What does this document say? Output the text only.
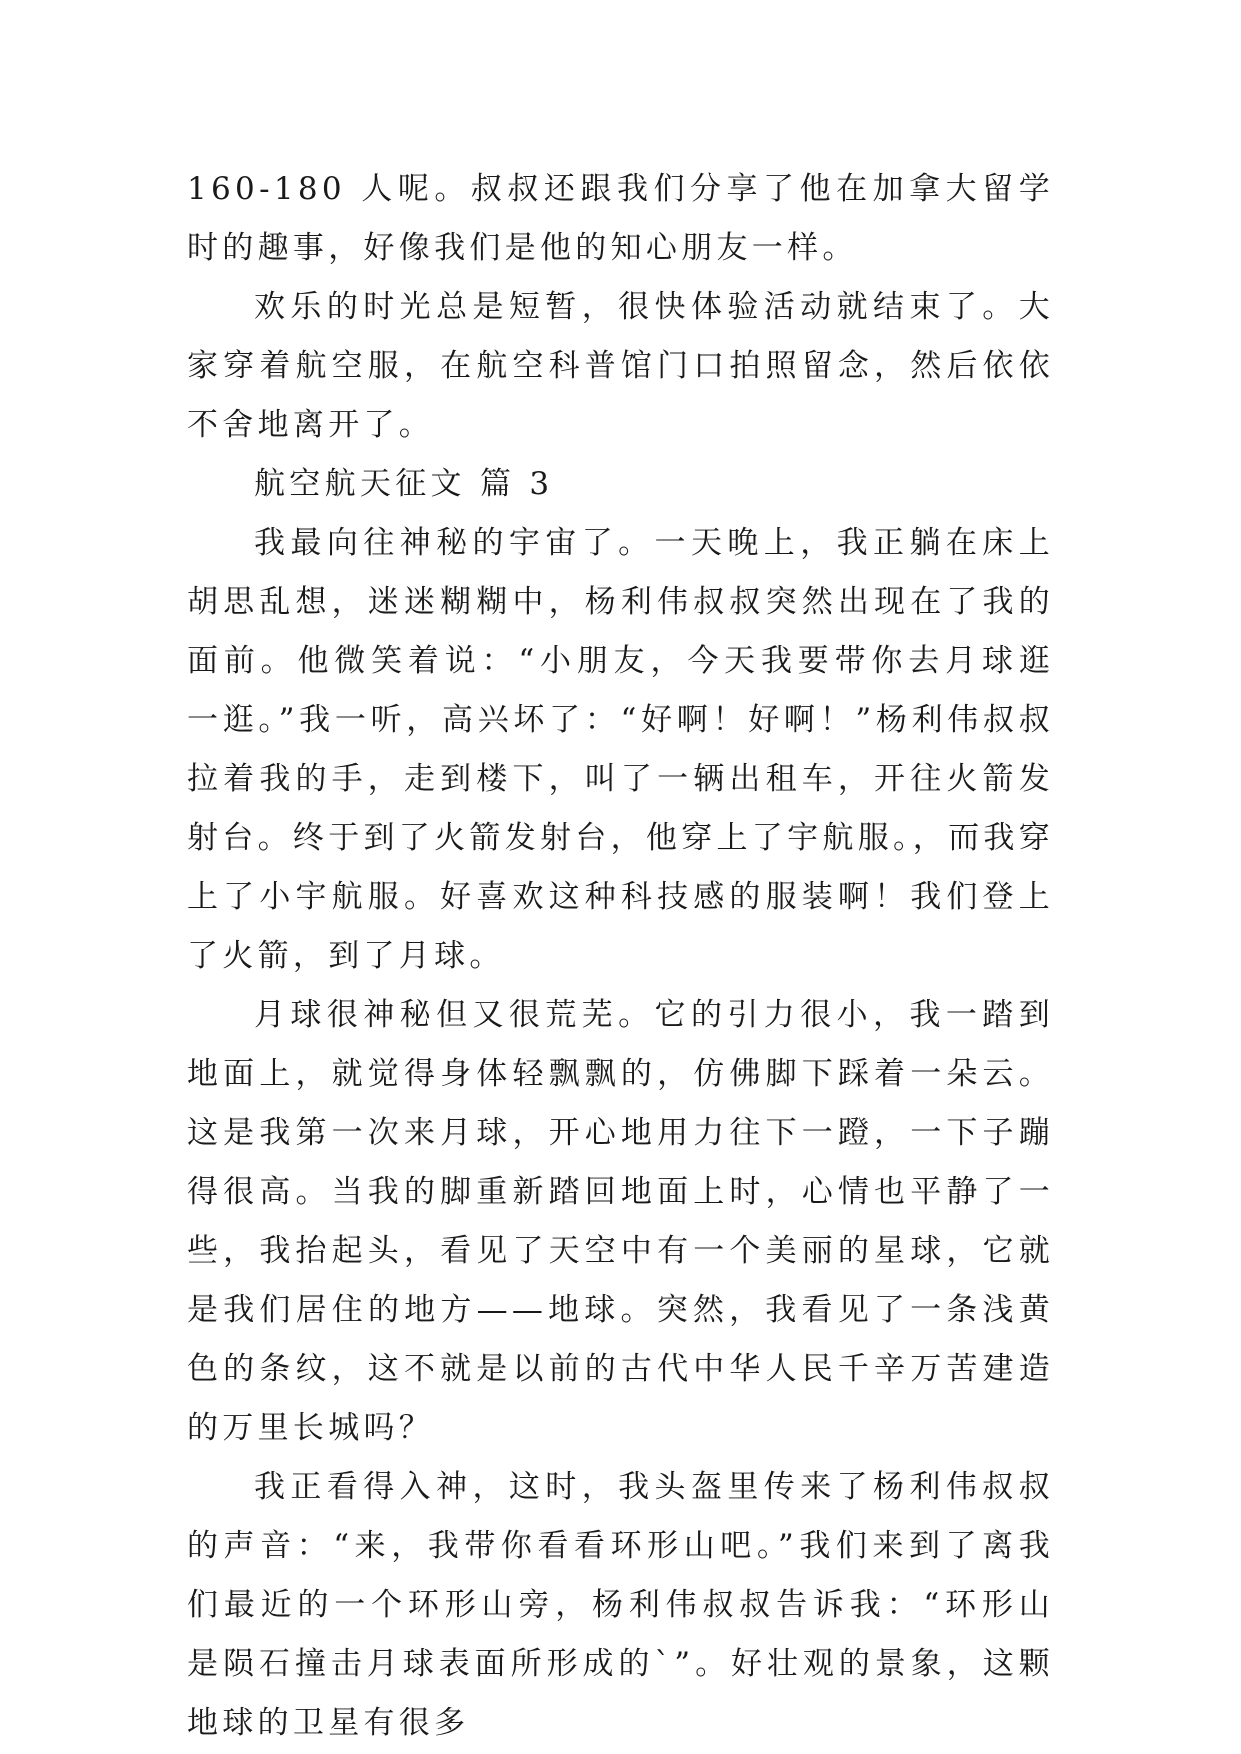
160-180 人呢。叔叔还跟我们分享了他在加拿大留学时的趣事，好像我们是他的知心朋友一样。

欢乐的时光总是短暂，很快体验活动就结束了。大家穿着航空服，在航空科普馆门口拍照留念，然后依依不舍地离开了。

航空航天征文 篇 3

我最向往神秘的宇宙了。一天晚上，我正躺在床上胡思乱想，迷迷糊糊中，杨利伟叔叔突然出现在了我的面前。他微笑着说：“小朋友，今天我要带你去月球逛一逛。”我一听，高兴坏了：“好啊！好啊！”杨利伟叔叔拉着我的手，走到楼下，叫了一辆出租车，开往火箭发射台。终于到了火箭发射台，他穿上了宇航服。，而我穿上了小宇航服。好喜欢这种科技感的服装啊！我们登上了火箭，到了月球。

月球很神秘但又很荒芜。它的引力很小，我一踏到地面上，就觉得身体轻飘飘的，仿佛脚下踩着一朵云。这是我第一次来月球，开心地用力往下一蹬，一下子蹦得很高。当我的脚重新踏回地面上时，心情也平静了一些，我抬起头，看见了天空中有一个美丽的星球，它就是我们居住的地方——地球。突然，我看见了一条浅黄色的条纹，这不就是以前的古代中华人民千辛万苦建造的万里长城吗？

我正看得入神，这时，我头盔里传来了杨利伟叔叔的声音：“来，我带你看看环形山吧。”我们来到了离我们最近的一个环形山旁，杨利伟叔叔告诉我：“环形山是陨石撞击月球表面所形成的`”。好壮观的景象，这颗地球的卫星有很多
